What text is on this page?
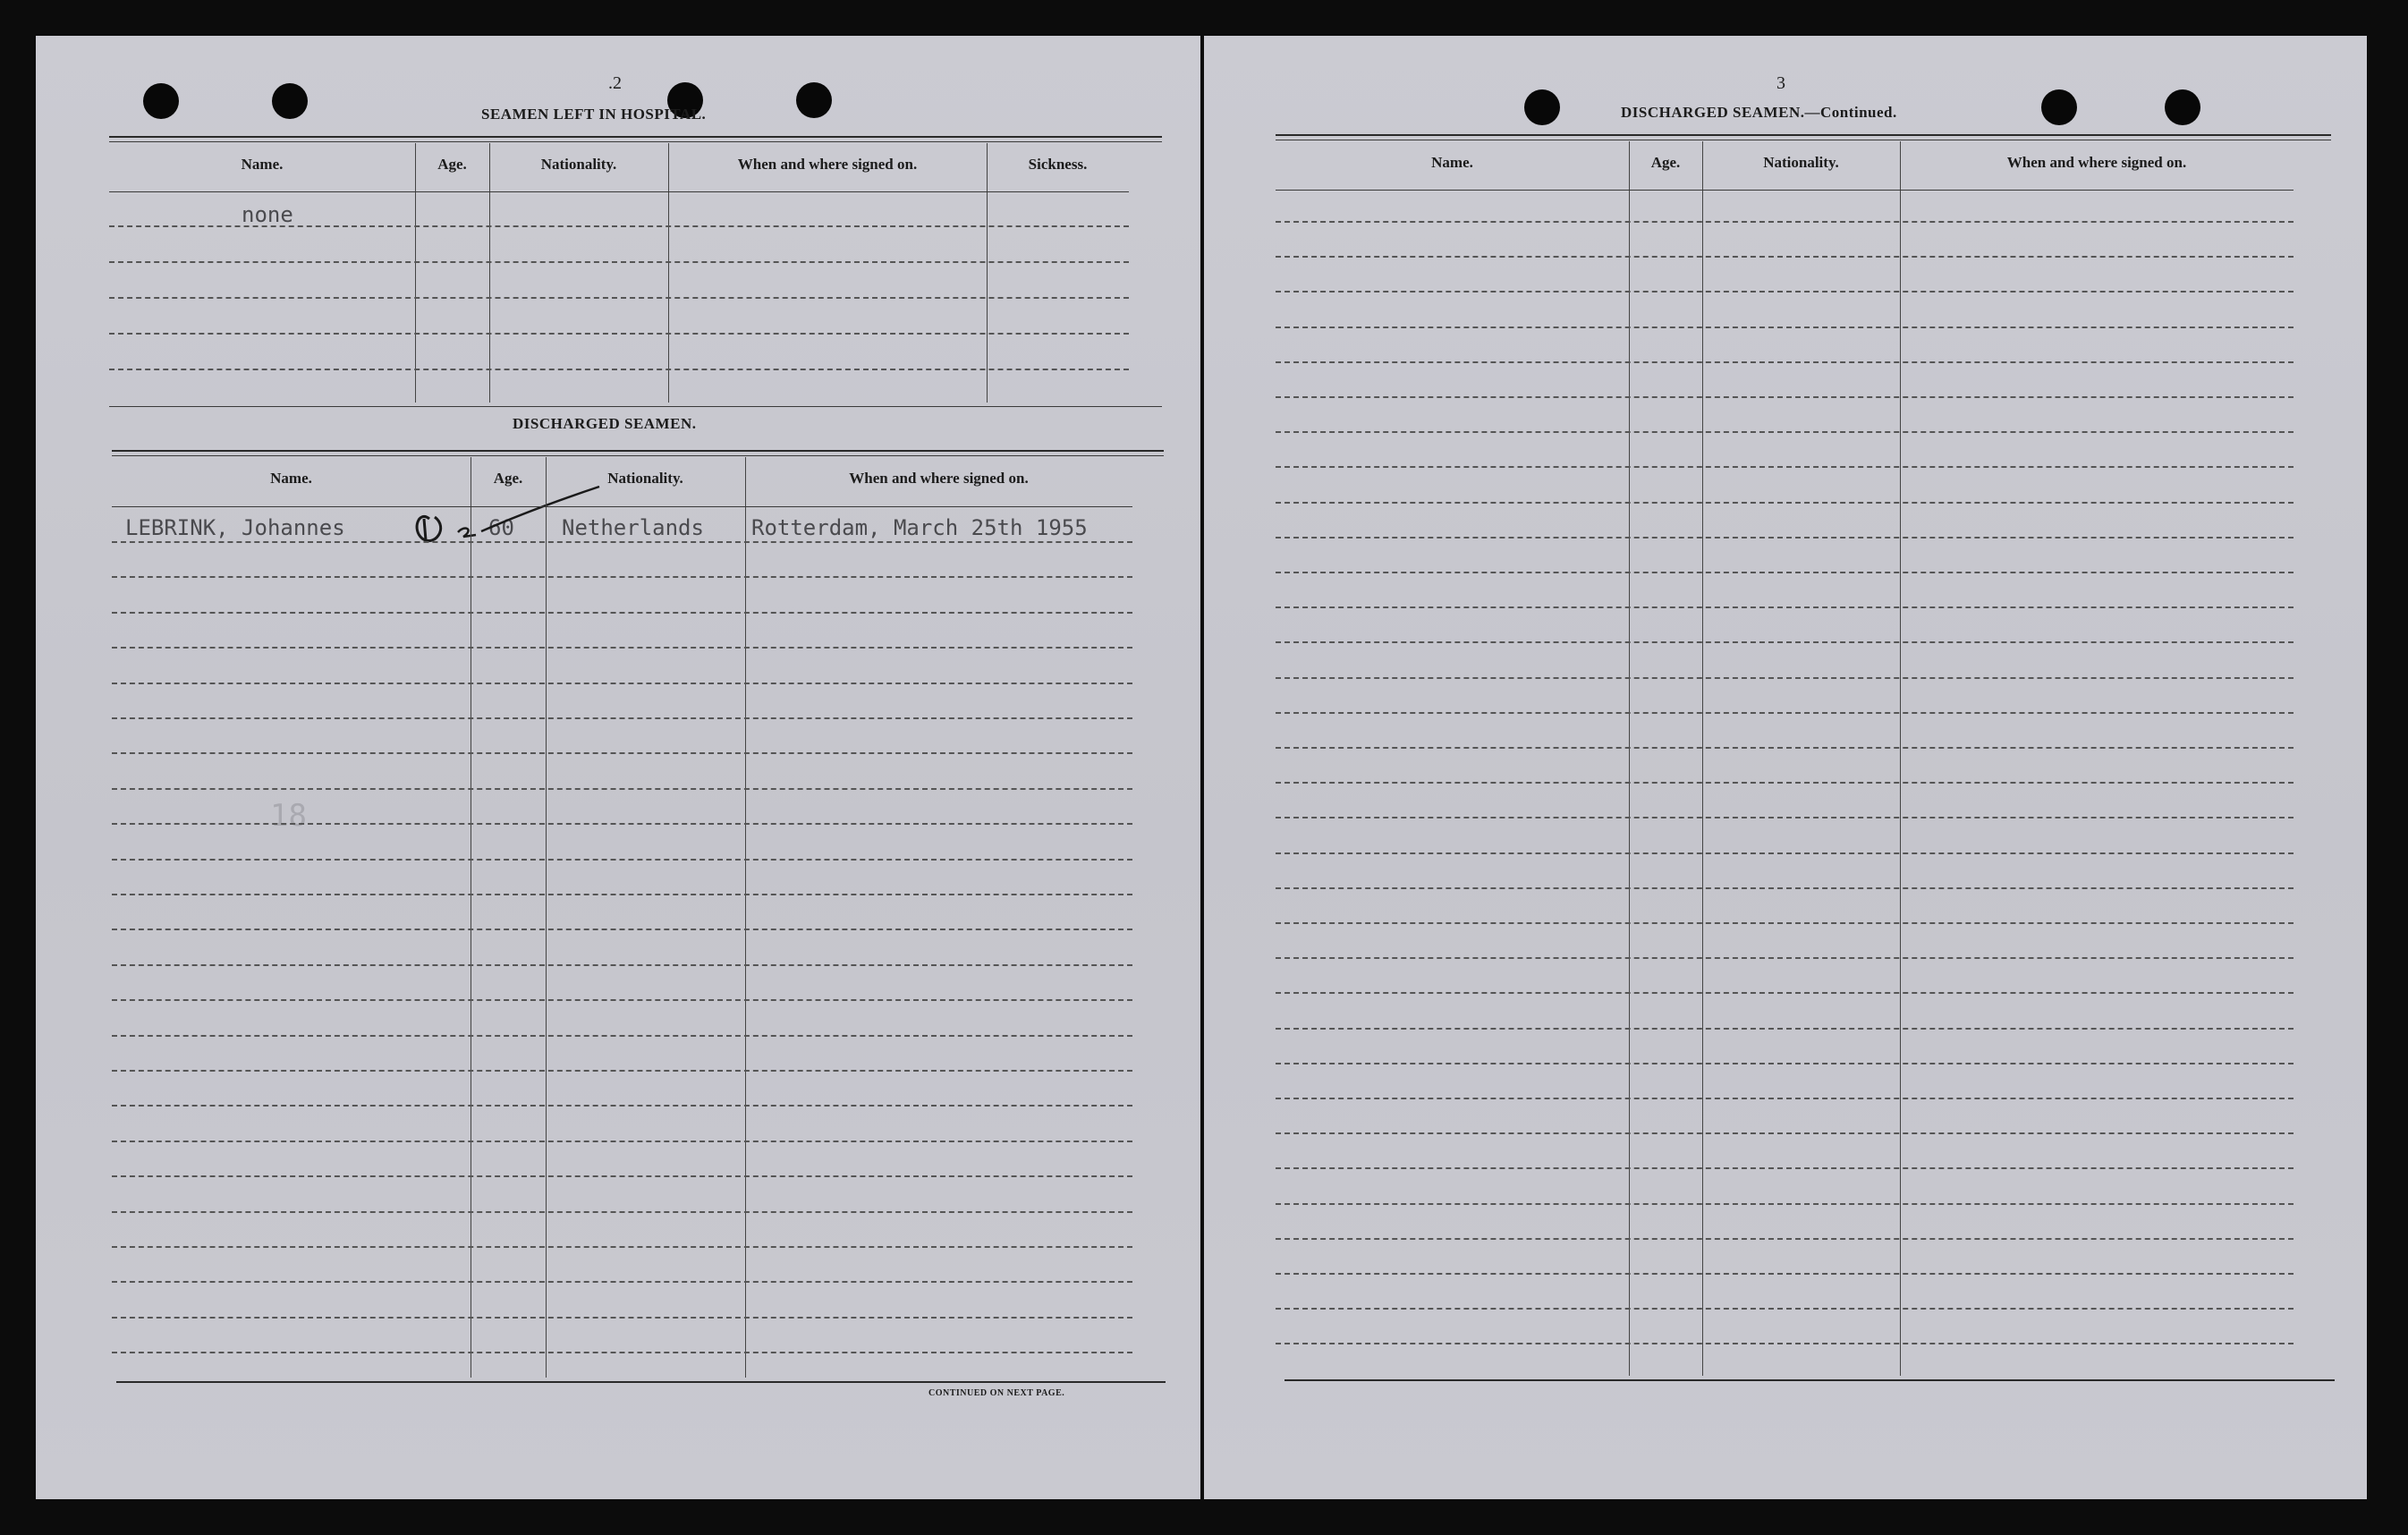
.2
SEAMEN LEFT IN HOSPITAL.
none
DISCHARGED SEAMEN.
LEBRINK, Johannes	60 Netherlands Rotterdam, March 25th 1955
18
CONTINUED ON NEXT PAGE.
Name.	Age.	Nationality.	When and where signed on.	Sickness.
Name.	Age.	Nationality.	When and where signed on.
3
DISCHARGED SEAMEN.—Continued.
Name.	Age.	Nationality.	When and where signed on.
